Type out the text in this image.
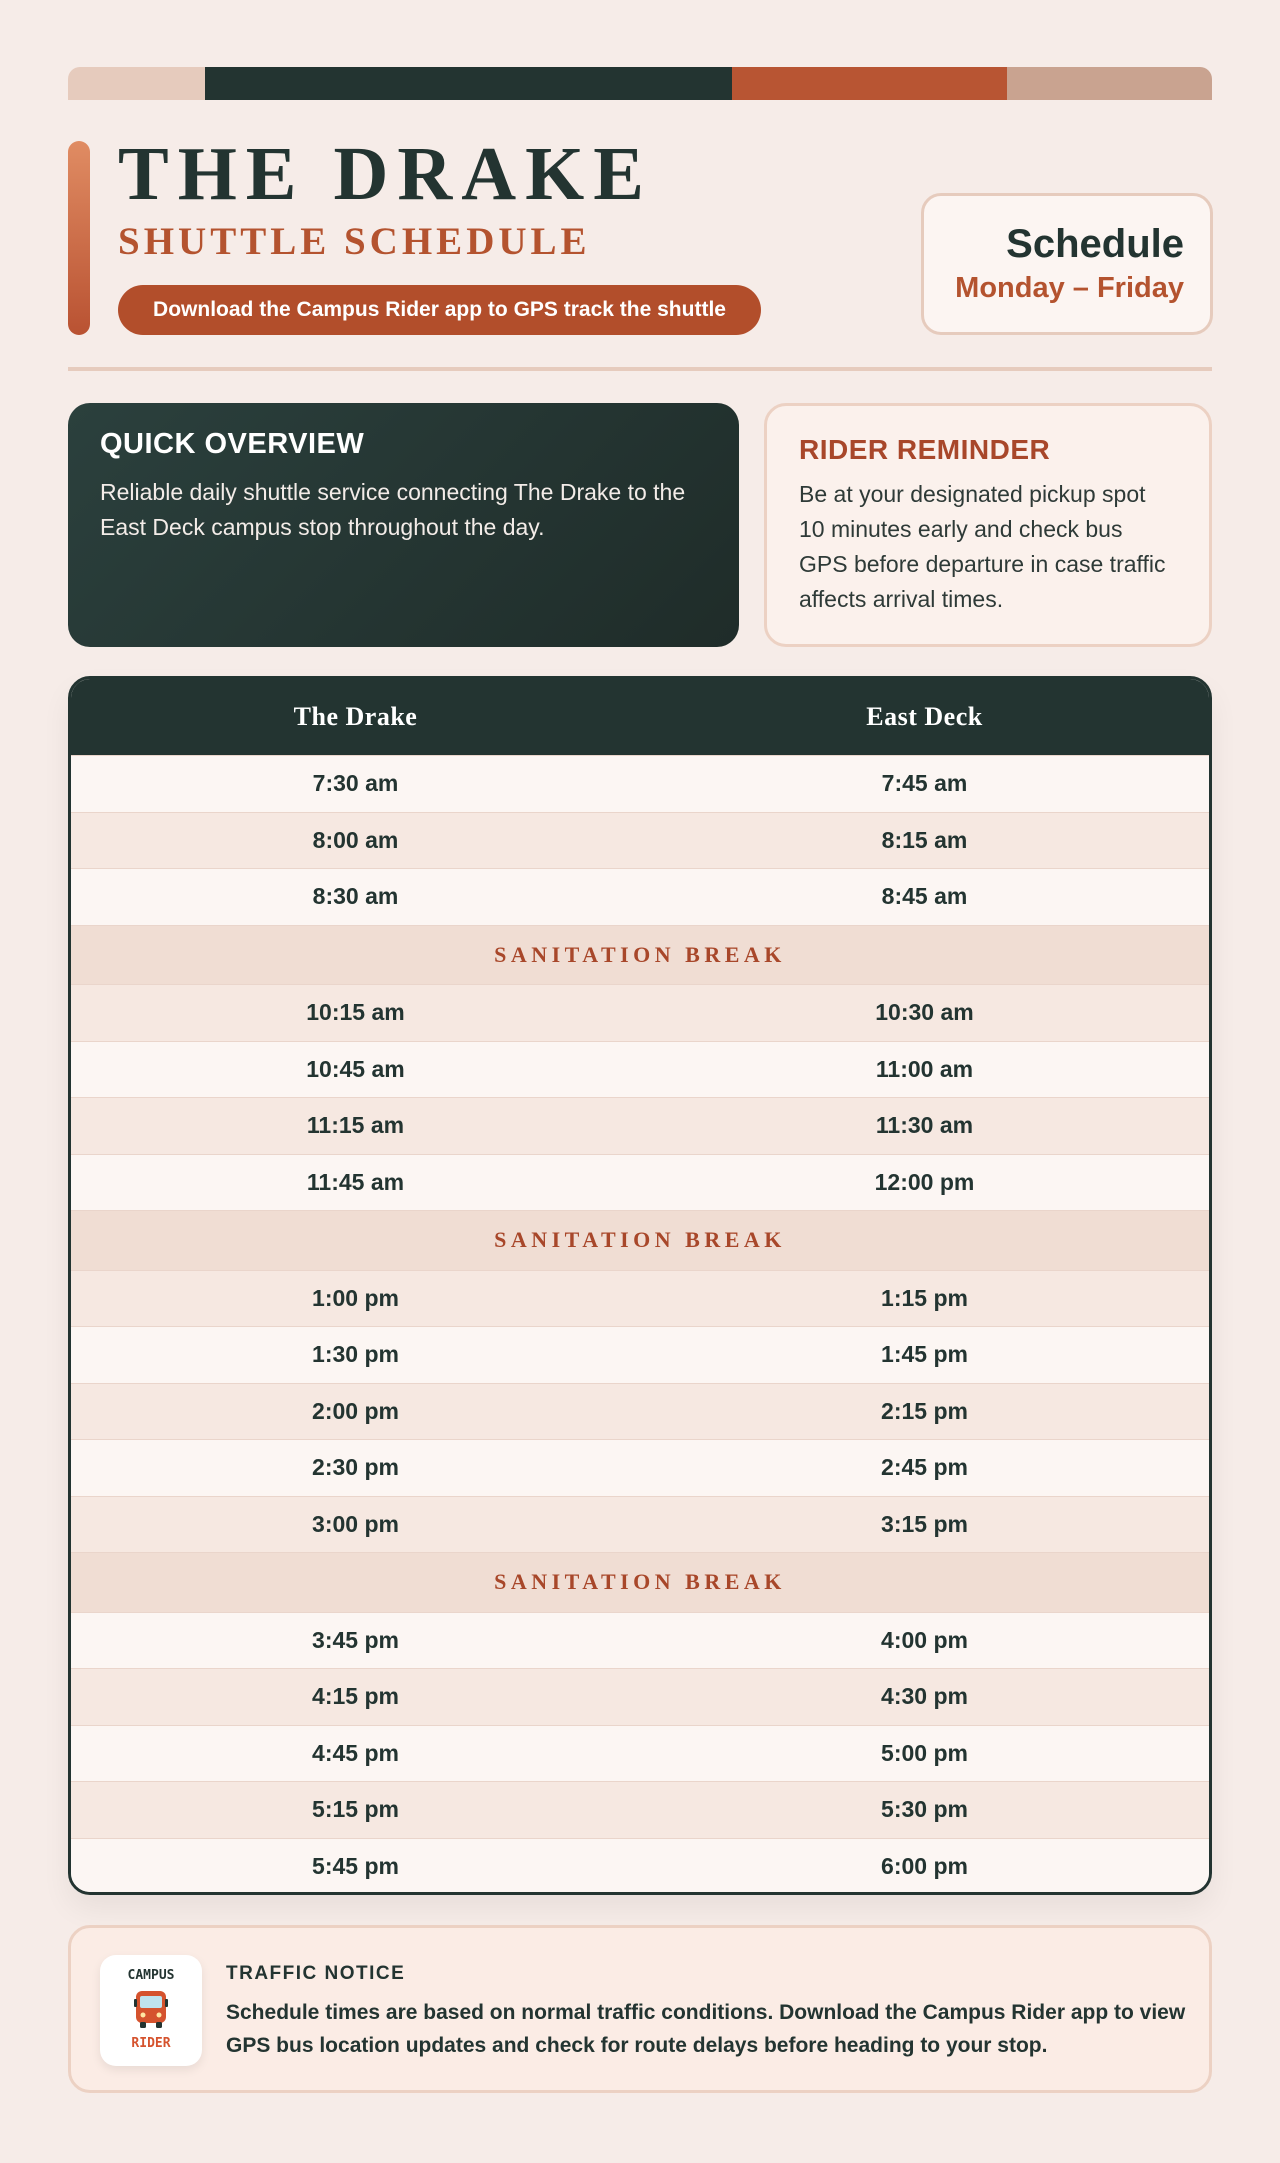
THE DRAKE
SHUTTLE SCHEDULE
Download the Campus Rider app to GPS track the shuttle
Schedule
Monday – Friday
QUICK OVERVIEW

Reliable daily shuttle service connecting The Drake to the East Deck campus stop throughout the day.

RIDER REMINDER

Be at your designated pickup spot 10 minutes early and check bus GPS before departure in case traffic affects arrival times.

The Drake	East Deck
7:30 am	7:45 am
8:00 am	8:15 am
8:30 am	8:45 am
SANITATION BREAK
10:15 am	10:30 am
10:45 am	11:00 am
11:15 am	11:30 am
11:45 am	12:00 pm
SANITATION BREAK
1:00 pm	1:15 pm
1:30 pm	1:45 pm
2:00 pm	2:15 pm
2:30 pm	2:45 pm
3:00 pm	3:15 pm
SANITATION BREAK
3:45 pm	4:00 pm
4:15 pm	4:30 pm
4:45 pm	5:00 pm
5:15 pm	5:30 pm
5:45 pm	6:00 pm
CAMPUS
RIDER
TRAFFIC NOTICE
Schedule times are based on normal traffic conditions. Download the Campus Rider app to view GPS bus location updates and check for route delays before heading to your stop.
